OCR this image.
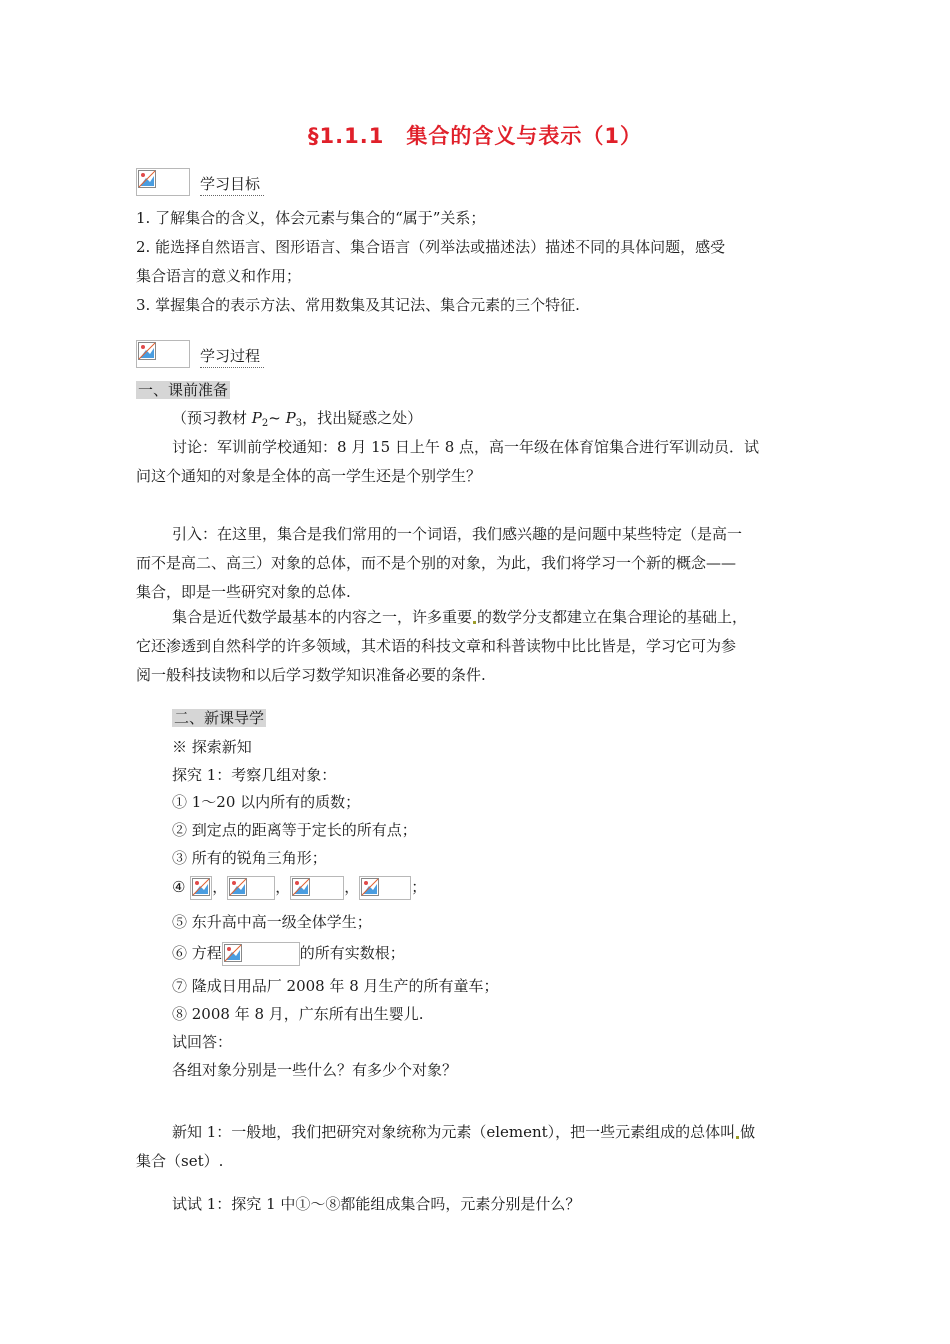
§1.1.1　集合的含义与表示（1）
学习目标
1. 了解集合的含义，体会元素与集合的“属于”关系；
2. 能选择自然语言、图形语言、集合语言（列举法或描述法）描述不同的具体问题，感受
集合语言的意义和作用；
3. 掌握集合的表示方法、常用数集及其记法、集合元素的三个特征.
学习过程
一、课前准备
（预习教材 $P_2\sim$ $P_3$，找出疑惑之处）
讨论：军训前学校通知：8 月 15 日上午 8 点，高一年级在体育馆集合进行军训动员．试
问这个通知的对象是全体的高一学生还是个别学生？
引入：在这里，集合是我们常用的一个词语，我们感兴趣的是问题中某些特定（是高一
而不是高二、高三）对象的总体，而不是个别的对象，为此，我们将学习一个新的概念——
集合，即是一些研究对象的总体.
集合是近代数学最基本的内容之一，许多重要 的数学分支都建立在集合理论的基础上，
它还渗透到自然科学的许多领域，其术语的科技文章和科普读物中比比皆是，学习它可为参
阅一般科技读物和以后学习数学知识准备必要的条件.
二、新课导学
※ 探索新知
探究 1：考察几组对象：
① 1～20 以内所有的质数；
② 到定点的距离等于定长的所有点；
③ 所有的锐角三角形；
④
，	，	，	；
⑤ 东升高中高一级全体学生；
⑥ 方程	的所有实数根；
⑦ 隆成日用品厂 2008 年 8 月生产的所有童车；
⑧ 2008 年 8 月，广东所有出生婴儿.
试回答：
各组对象分别是一些什么？有多少个对象？
新知 1：一般地，我们把研究对象统称为元素（element），把一些元素组成的总体叫 做
集合（set）.
试试 1：探究 1 中①～⑧都能组成集合吗，元素分别是什么？
